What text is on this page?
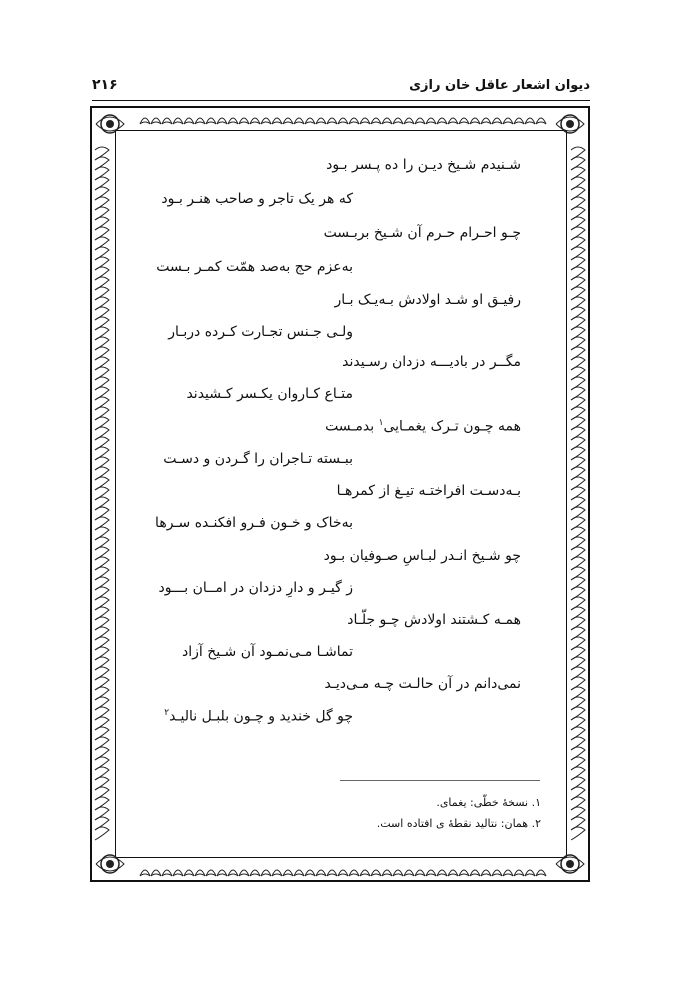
دیوان اشعار عاقل خان رازی
۲۱۶
شـنیدم شـیخ دیـن را ده پـسر بـود
که هر یک تاجر و صاحب هنـر بـود
چـو احـرام حـرم آن شـیخ بربـست
به‌عزم حج به‌صد همّت کمـر بـست
رفیـق او شـد اولادش بـه‌یـک بـار
ولـی جـنس تجـارت کـرده دربـار
مگــر در بادیـــه دزدان رسـیدند
متـاع کـاروان یکـسر کـشیدند
همه چـون تـرک یغمـایی$^۱$ بدمـست
ببـسته تـاجران را گـردن و دسـت
بـه‌دسـت افراختـه تیـغ از کمرهـا
به‌خاک و خـون فـرو افکنـده سـرها
چو شـیخ انـدر لبـاسِ صـوفیان بـود
ز گیـر و دارِ دزدان در امــان بـــود
همـه کـشتند اولادش چـو جلّـاد
تماشـا مـی‌نمـود آن شـیخ آزاد
نمی‌دانم در آن حالـت چـه مـی‌دیـد
چو گل خندید و چـون بلبـل نالیـد$^۲$
۱. نسخهٔ خطّی: یغمای.
۲. همان: نتالید نقطهٔ ی افتاده است.
